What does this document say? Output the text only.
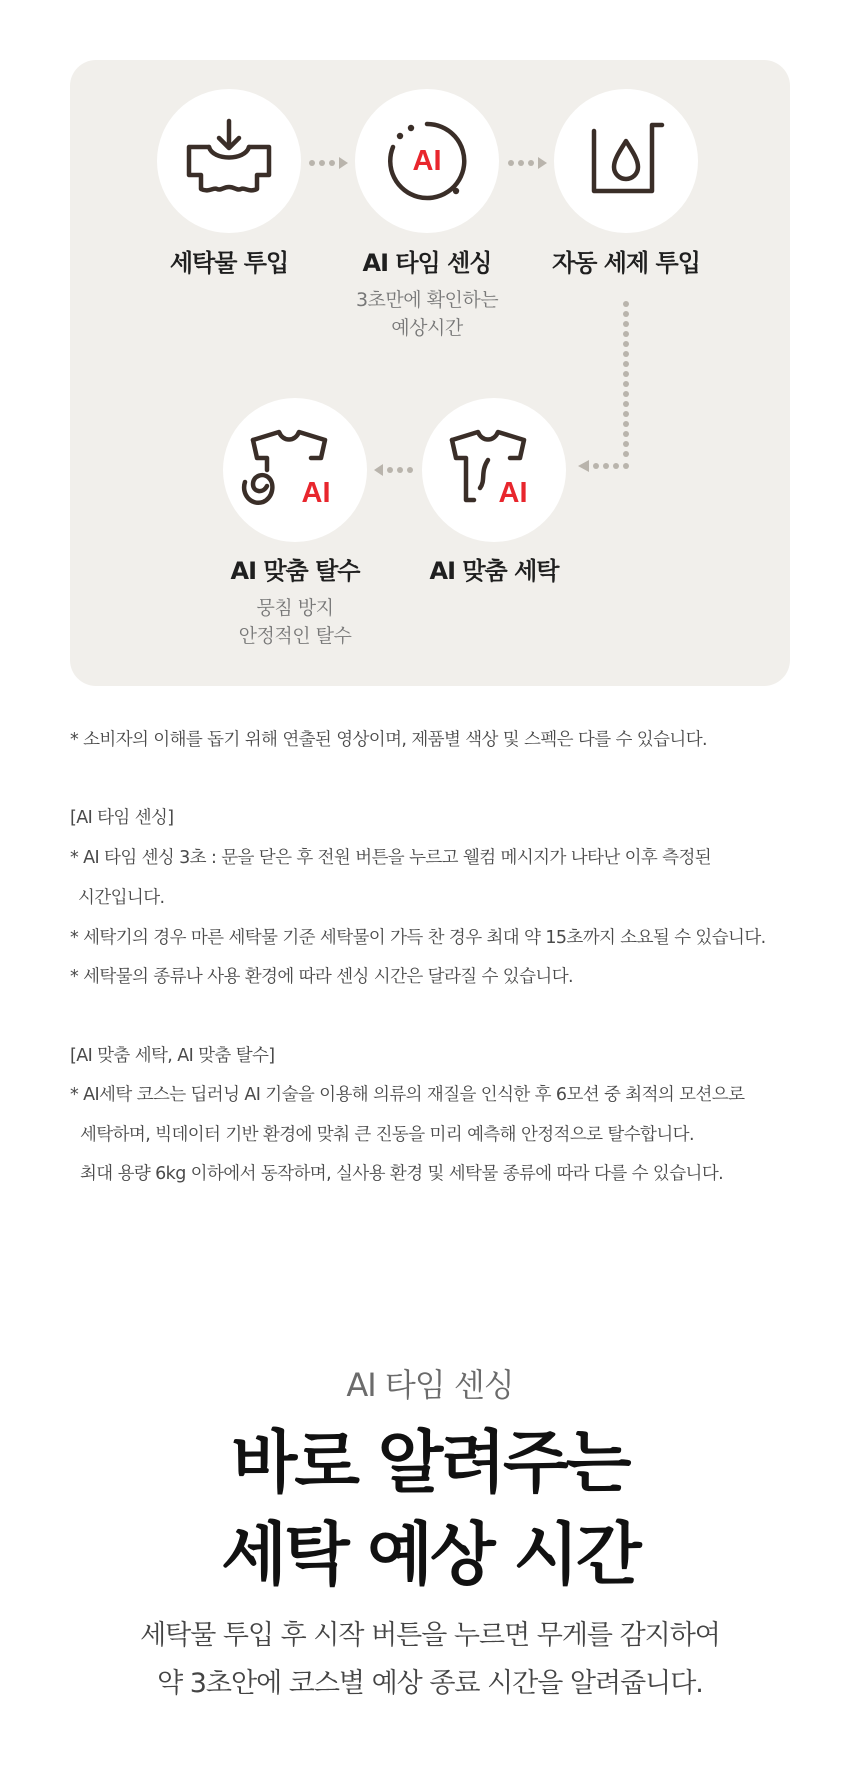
세탁물 투입
AI
AI 타임 센싱
3초만에 확인하는
예상시간
자동 세제 투입
AI
AI 맞춤 세탁
AI
AI 맞춤 탈수
뭉침 방지
안정적인 탈수

* 소비자의 이해를 돕기 위해 연출된 영상이며, 제품별 색상 및 스펙은 다를 수 있습니다.

[AI 타임 센싱]

* AI 타임 센싱 3초 : 문을 닫은 후 전원 버튼을 누르고 웰컴 메시지가 나타난 이후 측정된

시간입니다.

* 세탁기의 경우 마른 세탁물 기준 세탁물이 가득 찬 경우 최대 약 15초까지 소요될 수 있습니다.

* 세탁물의 종류나 사용 환경에 따라 센싱 시간은 달라질 수 있습니다.

[AI 맞춤 세탁, AI 맞춤 탈수]

* AI세탁 코스는 딥러닝 AI 기술을 이용해 의류의 재질을 인식한 후 6모션 중 최적의 모션으로

세탁하며, 빅데이터 기반 환경에 맞춰 큰 진동을 미리 예측해 안정적으로 탈수합니다.

최대 용량 6kg 이하에서 동작하며, 실사용 환경 및 세탁물 종류에 따라 다를 수 있습니다.

AI 타임 센싱
바로 알려주는
세탁 예상 시간
세탁물 투입 후 시작 버튼을 누르면 무게를 감지하여
약 3초안에 코스별 예상 종료 시간을 알려줍니다.
